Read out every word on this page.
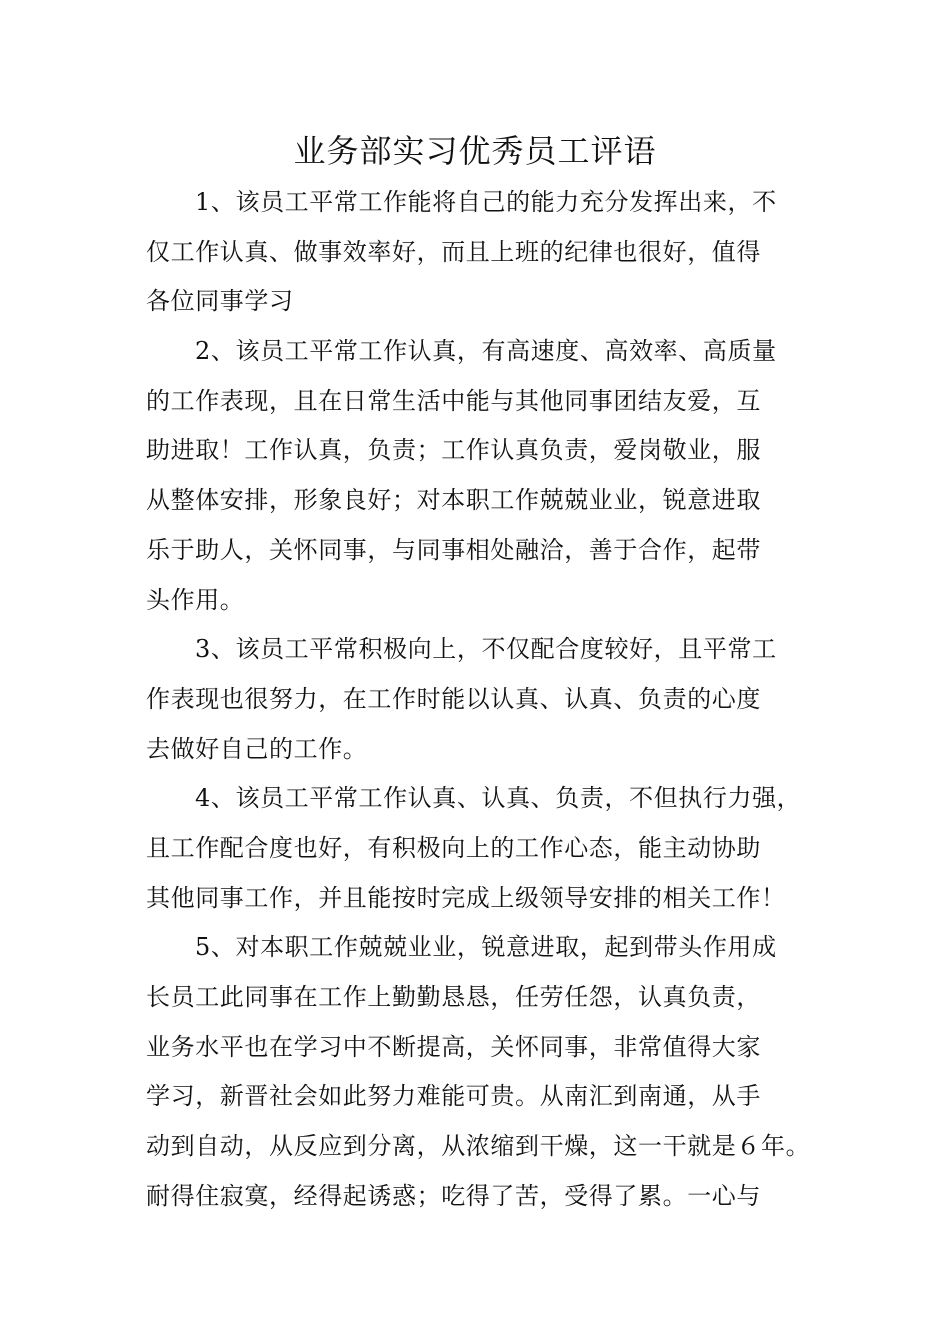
业务部实习优秀员工评语
1、该员工平常工作能将自己的能力充分发挥出来，不
仅工作认真、做事效率好，而且上班的纪律也很好，值得
各位同事学习
2、该员工平常工作认真，有高速度、高效率、高质量
的工作表现，且在日常生活中能与其他同事团结友爱，互
助进取！工作认真，负责；工作认真负责，爱岗敬业，服
从整体安排，形象良好；对本职工作兢兢业业，锐意进取
乐于助人，关怀同事，与同事相处融洽，善于合作，起带
头作用。
3、该员工平常积极向上，不仅配合度较好，且平常工
作表现也很努力，在工作时能以认真、认真、负责的心度
去做好自己的工作。
4、该员工平常工作认真、认真、负责，不但执行力强，
且工作配合度也好，有积极向上的工作心态，能主动协助
其他同事工作，并且能按时完成上级领导安排的相关工作！
5、对本职工作兢兢业业，锐意进取，起到带头作用成
长员工此同事在工作上勤勤恳恳，任劳任怨，认真负责，
业务水平也在学习中不断提高，关怀同事，非常值得大家
学习，新晋社会如此努力难能可贵。从南汇到南通，从手
动到自动，从反应到分离，从浓缩到干燥，这一干就是６年。
耐得住寂寞，经得起诱惑；吃得了苦，受得了累。一心与
